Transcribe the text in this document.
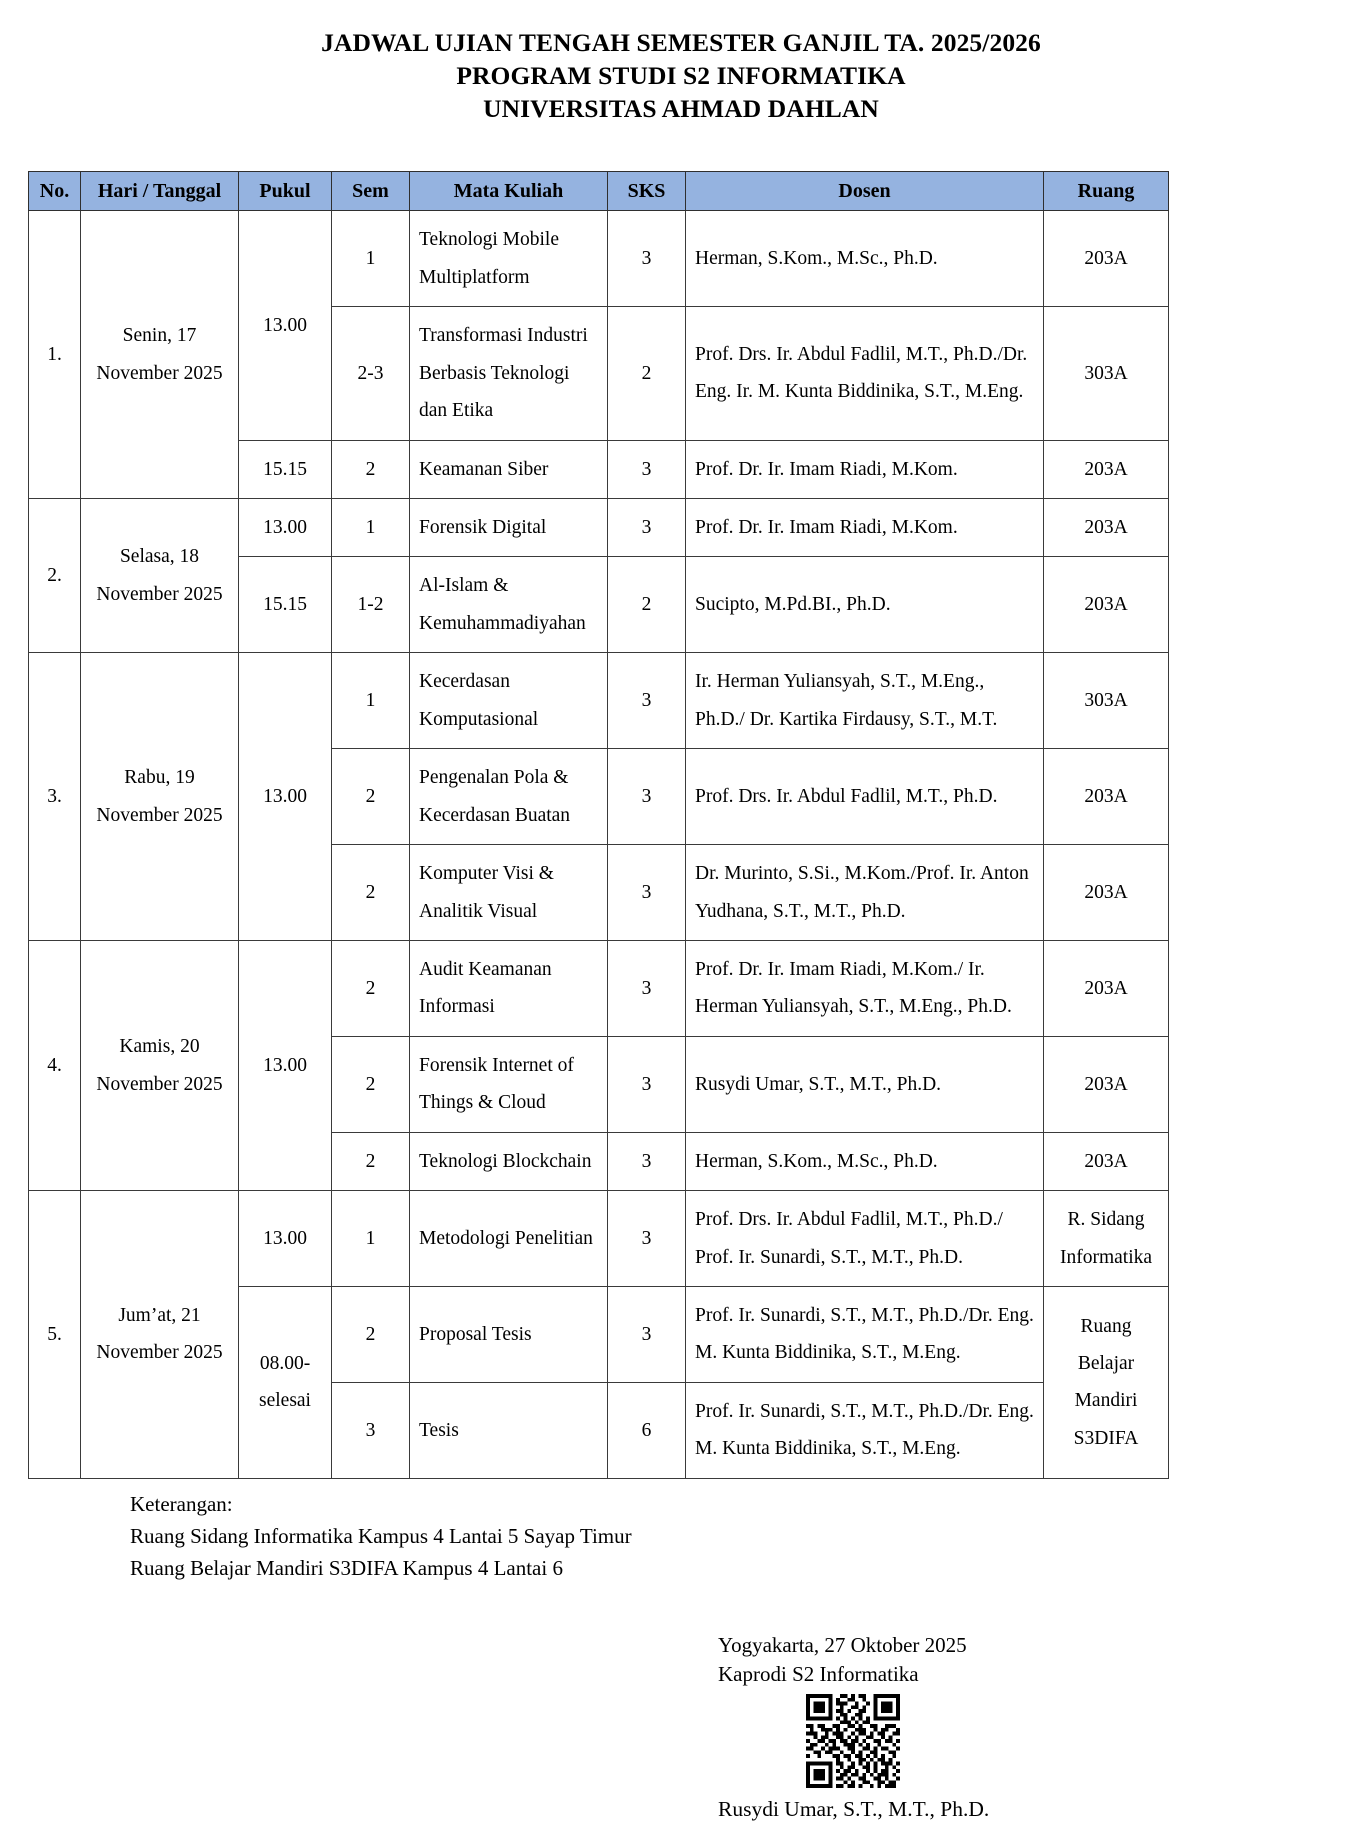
JADWAL UJIAN TENGAH SEMESTER GANJIL TA. 2025/2026
PROGRAM STUDI S2 INFORMATIKA
UNIVERSITAS AHMAD DAHLAN
No.	Hari / Tanggal	Pukul	Sem	Mata Kuliah	SKS	Dosen	Ruang

1.	Senin, 17 November 2025	13.00	1	Teknologi Mobile Multiplatform	3	Herman, S.Kom., M.Sc., Ph.D.	203A

			2-3	Transformasi Industri Berbasis Teknologi dan Etika	2	Prof. Drs. Ir. Abdul Fadlil, M.T., Ph.D./Dr. Eng. Ir. M. Kunta Biddinika, S.T., M.Eng.	303A

		15.15	2	Keamanan Siber	3	Prof. Dr. Ir. Imam Riadi, M.Kom.	203A

2.	Selasa, 18 November 2025	13.00	1	Forensik Digital	3	Prof. Dr. Ir. Imam Riadi, M.Kom.	203A

		15.15	1-2	Al-Islam & Kemuhammadiyahan	2	Sucipto, M.Pd.BI., Ph.D.	203A

3.	Rabu, 19 November 2025	13.00	1	Kecerdasan Komputasional	3	Ir. Herman Yuliansyah, S.T., M.Eng., Ph.D./ Dr. Kartika Firdausy, S.T., M.T.	303A

			2	Pengenalan Pola & Kecerdasan Buatan	3	Prof. Drs. Ir. Abdul Fadlil, M.T., Ph.D.	203A

			2	Komputer Visi & Analitik Visual	3	Dr. Murinto, S.Si., M.Kom./Prof. Ir. Anton Yudhana, S.T., M.T., Ph.D.	203A

4.	Kamis, 20 November 2025	13.00	2	Audit Keamanan Informasi	3	Prof. Dr. Ir. Imam Riadi, M.Kom./ Ir. Herman Yuliansyah, S.T., M.Eng., Ph.D.	203A

			2	Forensik Internet of Things & Cloud	3	Rusydi Umar, S.T., M.T., Ph.D.	203A

			2	Teknologi Blockchain	3	Herman, S.Kom., M.Sc., Ph.D.	203A

5.	Jum’at, 21 November 2025	13.00	1	Metodologi Penelitian	3	Prof. Drs. Ir. Abdul Fadlil, M.T., Ph.D./ Prof. Ir. Sunardi, S.T., M.T., Ph.D.	R. Sidang Informatika

		08.00-selesai	2	Proposal Tesis	3	Prof. Ir. Sunardi, S.T., M.T., Ph.D./Dr. Eng. M. Kunta Biddinika, S.T., M.Eng.	Ruang Belajar Mandiri S3DIFA

			3	Tesis	6	Prof. Ir. Sunardi, S.T., M.T., Ph.D./Dr. Eng. M. Kunta Biddinika, S.T., M.Eng.	
Keterangan:
Ruang Sidang Informatika Kampus 4 Lantai 5 Sayap Timur
Ruang Belajar Mandiri S3DIFA Kampus 4 Lantai 6
Yogyakarta, 27 Oktober 2025
Kaprodi S2 Informatika
Rusydi Umar, S.T., M.T., Ph.D.
